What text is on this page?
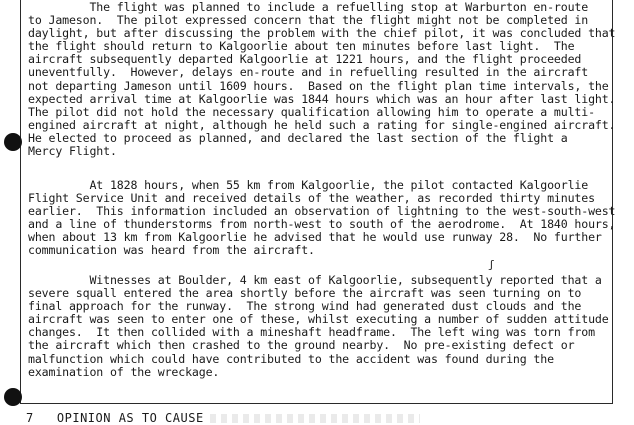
The flight was planned to include a refuelling stop at Warburton en-route
to Jameson.  The pilot expressed concern that the flight might not be completed in
daylight, but after discussing the problem with the chief pilot, it was concluded that
the flight should return to Kalgoorlie about ten minutes before last light.  The
aircraft subsequently departed Kalgoorlie at 1221 hours, and the flight proceeded
uneventfully.  However, delays en-route and in refuelling resulted in the aircraft
not departing Jameson until 1609 hours.  Based on the flight plan time intervals, the
expected arrival time at Kalgoorlie was 1844 hours which was an hour after last light.
The pilot did not hold the necessary qualification allowing him to operate a multi-
engined aircraft at night, although he held such a rating for single-engined aircraft.
He elected to proceed as planned, and declared the last section of the flight a
Mercy Flight.
At 1828 hours, when 55 km from Kalgoorlie, the pilot contacted Kalgoorlie
Flight Service Unit and received details of the weather, as recorded thirty minutes
earlier.  This information included an observation of lightning to the west-south-west
and a line of thunderstorms from north-west to south of the aerodrome.  At 1840 hours,
when about 13 km from Kalgoorlie he advised that he would use runway 28.  No further
communication was heard from the aircraft.
Witnesses at Boulder, 4 km east of Kalgoorlie, subsequently reported that a
severe squall entered the area shortly before the aircraft was seen turning on to
final approach for the runway.  The strong wind had generated dust clouds and the
aircraft was seen to enter one of these, whilst executing a number of sudden attitude
changes.  It then collided with a mineshaft headframe.  The left wing was torn from
the aircraft which then crashed to the ground nearby.  No pre-existing defect or
malfunction which could have contributed to the accident was found during the
examination of the wreckage.
ʃ
7   OPINION AS TO CAUSE
